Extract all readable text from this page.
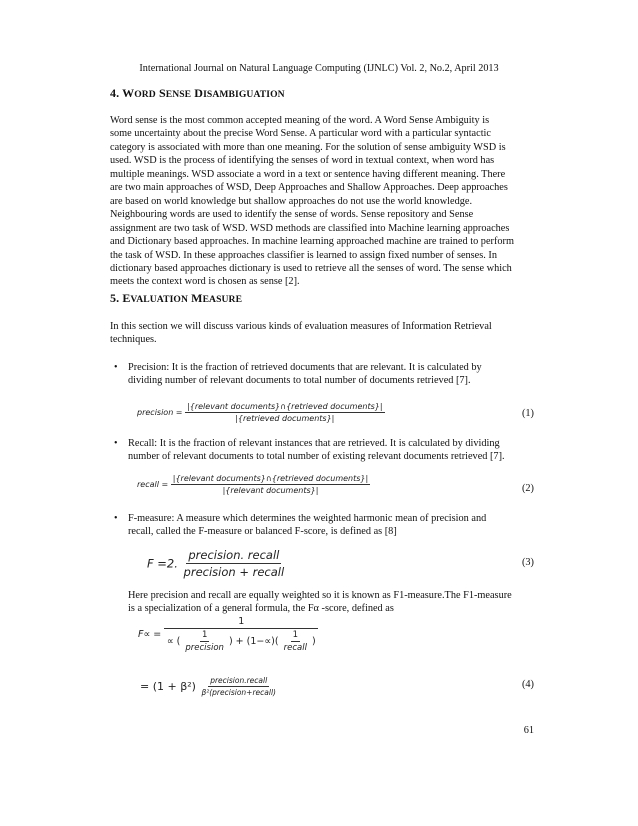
International Journal on Natural Language Computing (IJNLC) Vol. 2, No.2, April 2013
4. WORD SENSE DISAMBIGUATION
Word sense is the most common accepted meaning of the word. A Word Sense Ambiguity is
some uncertainty about the precise Word Sense. A particular word with a particular syntactic
category is associated with more than one meaning. For the solution of sense ambiguity WSD is
used. WSD is the process of identifying the senses of word in textual context, when word has
multiple meanings. WSD associate a word in a text or sentence having different meaning. There
are two main approaches of WSD, Deep Approaches and Shallow Approaches. Deep approaches
are based on world knowledge but shallow approaches do not use the world knowledge.
Neighbouring words are used to identify the sense of words. Sense repository and Sense
assignment are two task of WSD. WSD methods are classified into Machine learning approaches
and Dictionary based approaches. In machine learning approached machine are trained to perform
the task of WSD. In these approaches classifier is learned to assign fixed number of senses. In
dictionary based approaches dictionary is used to retrieve all the senses of word. The sense which
meets the context word is chosen as sense [2].
5. EVALUATION MEASURE
In this section we will discuss various kinds of evaluation measures of Information Retrieval
techniques.
• Precision: It is the fraction of retrieved documents that are relevant. It is calculated by
dividing number of relevant documents to total number of documents retrieved [7].
precision = $\frac{\text{|\{relevant documents\}∩\{retrieved documents\}|}}{\text{|\{retrieved documents\}|}}$	(1)
• Recall: It is the fraction of relevant instances that are retrieved. It is calculated by dividing
number of relevant documents to total number of existing relevant documents retrieved [7].
recall = $\frac{\text{|\{relevant documents\}∩\{retrieved documents\}|}}{\text{|\{relevant documents\}|}}$	(2)
• F-measure: A measure which determines the weighted harmonic mean of precision and
recall, called the F-measure or balanced F-score, is defined as [8]
F =2. $\frac{\text{precision. recall}}{\text{precision + recall}}$	(3)
Here precision and recall are equally weighted so it is known as F1-measure.The F1-measure
is a specialization of a general formula, the Fα -score, defined as
F∝ =
1
∝ ( $\frac{1}{\text{precision}}$ ) + $(1-\propto)( \frac{1}{\text{recall}}$ )
= $(1 + \beta^2) \frac{\text{precision.recall}}{\text{β²(precision+recall)}}$	(4)
61
